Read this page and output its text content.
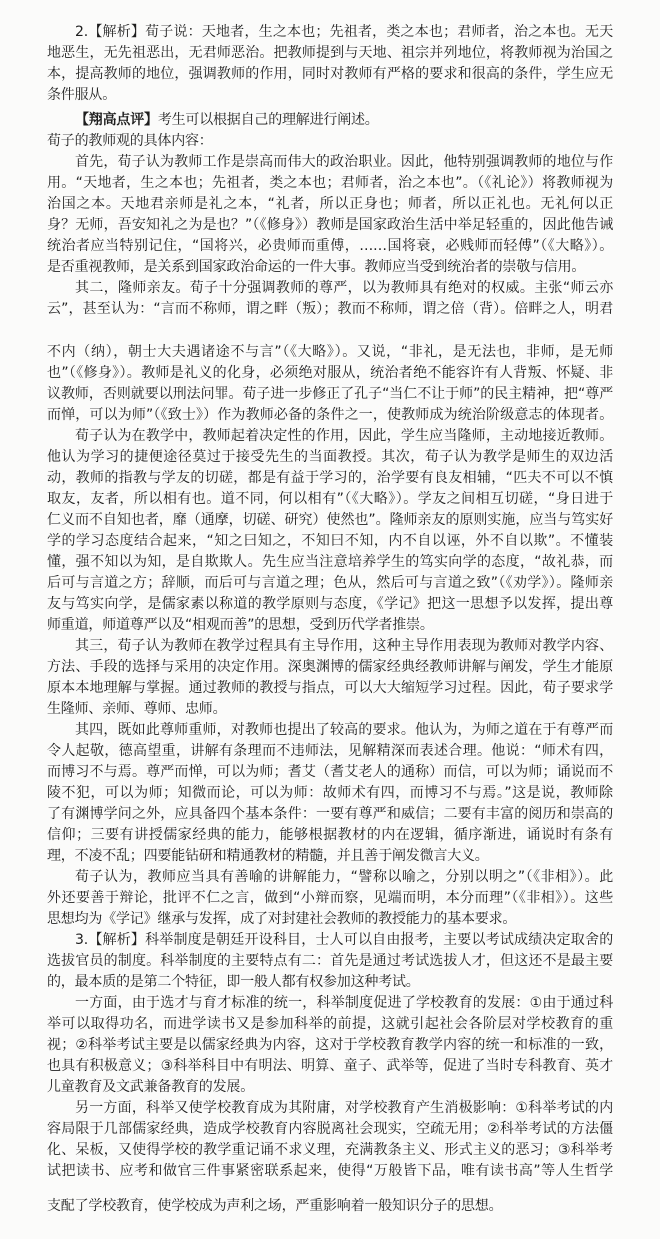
2.【解析】荀子说：天地者，生之本也；先祖者，类之本也；君师者，治之本也。无天
地恶生，无先祖恶出，无君师恶治。把教师提到与天地、祖宗并列地位，将教师视为治国之
本，提高教师的地位，强调教师的作用，同时对教师有严格的要求和很高的条件，学生应无
条件服从。
【翔高点评】考生可以根据自己的理解进行阐述。
荀子的教师观的具体内容：
首先，荀子认为教师工作是崇高而伟大的政治职业。因此，他特别强调教师的地位与作
用。“天地者，生之本也；先祖者，类之本也；君师者，治之本也”。（《礼论》）将教师视为
治国之本。天地君亲师是礼之本，“礼者，所以正身也；师者，所以正礼也。无礼何以正
身？无师，吾安知礼之为是也？”（《修身》）教师是国家政治生活中举足轻重的，因此他告诫
统治者应当特别记住，“国将兴，必贵师而重傅，……国将衰，必贱师而轻傅”（《大略》）。
是否重视教师，是关系到国家政治命运的一件大事。教师应当受到统治者的崇敬与信用。
其二，隆师亲友。荀子十分强调教师的尊严，以为教师具有绝对的权威。主张“师云亦
云”，甚至认为：“言而不称师，谓之畔（叛）；教而不称师，谓之倍（背）。倍畔之人，明君
不内（纳），朝士大夫遇诸途不与言”（《大略》）。又说，“非礼，是无法也，非师，是无师
也”（《修身》）。教师是礼义的化身，必须绝对服从，统治者绝不能容许有人背叛、怀疑、非
议教师，否则就要以刑法问罪。荀子进一步修正了孔子“当仁不让于师”的民主精神，把“尊严
而惮，可以为师”（《致士》）作为教师必备的条件之一，使教师成为统治阶级意志的体现者。
荀子认为在教学中，教师起着决定性的作用，因此，学生应当隆师，主动地接近教师。
他认为学习的捷便途径莫过于接受先生的当面教授。其次，荀子认为教学是师生的双边活
动，教师的指教与学友的切磋，都是有益于学习的，治学要有良友相辅，“匹夫不可以不慎
取友，友者，所以相有也。道不同，何以相有”（《大略》）。学友之间相互切磋，“身日进于
仁义而不自知也者，靡（通摩，切磋、研究）使然也”。隆师亲友的原则实施，应当与笃实好
学的学习态度结合起来，“知之曰知之，不知曰不知，内不自以诬，外不自以欺”。不懂装
懂，强不知以为知，是自欺欺人。先生应当注意培养学生的笃实向学的态度，“故礼恭，而
后可与言道之方；辞顺，而后可与言道之理；色从，然后可与言道之致”（《劝学》）。隆师亲
友与笃实向学，是儒家素以称道的教学原则与态度，《学记》把这一思想予以发挥，提出尊
师重道，师道尊严以及“相观而善”的思想，受到历代学者推崇。
其三，荀子认为教师在教学过程具有主导作用，这种主导作用表现为教师对教学内容、
方法、手段的选择与采用的决定作用。深奥渊博的儒家经典经教师讲解与阐发，学生才能原
原本本地理解与掌握。通过教师的教授与指点，可以大大缩短学习过程。因此，荀子要求学
生隆师、亲师、尊师、忠师。
其四，既如此尊师重师，对教师也提出了较高的要求。他认为，为师之道在于有尊严而
令人起敬，德高望重，讲解有条理而不违师法，见解精深而表述合理。他说：“师术有四，
而博习不与焉。尊严而惮，可以为师；耆艾（耆艾老人的通称）而信，可以为师；诵说而不
陵不犯，可以为师；知微而论，可以为师：故师术有四，而博习不与焉。”这是说，教师除
了有渊博学问之外，应具备四个基本条件：一要有尊严和威信；二要有丰富的阅历和崇高的
信仰；三要有讲授儒家经典的能力，能够根据教材的内在逻辑，循序渐进，诵说时有条有
理，不凌不乱；四要能钻研和精通教材的精髓，并且善于阐发微言大义。
荀子认为，教师应当具有善喻的讲解能力，“譬称以喻之，分别以明之”（《非相》）。此
外还要善于辩论，批评不仁之言，做到“小辩而察，见端而明，本分而理”（《非相》）。这些
思想均为《学记》继承与发挥，成了对封建社会教师的教授能力的基本要求。
3.【解析】科举制度是朝廷开设科目，士人可以自由报考，主要以考试成绩决定取舍的
选拔官员的制度。科举制度的主要特点有二：首先是通过考试选拔人才，但这还不是最主要
的，最本质的是第二个特征，即一般人都有权参加这种考试。
一方面，由于选才与育才标准的统一，科举制度促进了学校教育的发展：①由于通过科
举可以取得功名，而进学读书又是参加科举的前提，这就引起社会各阶层对学校教育的重
视；②科举考试主要是以儒家经典为内容，这对于学校教育教学内容的统一和标准的一致，
也具有积极意义；③科举科目中有明法、明算、童子、武举等，促进了当时专科教育、英才
儿童教育及文武兼备教育的发展。
另一方面，科举又使学校教育成为其附庸，对学校教育产生消极影响：①科举考试的内
容局限于几部儒家经典，造成学校教育内容脱离社会现实，空疏无用；②科举考试的方法僵
化、呆板，又使得学校的教学重记诵不求义理，充满教条主义、形式主义的恶习；③科举考
试把读书、应考和做官三件事紧密联系起来，使得“万般皆下品，唯有读书高”等人生哲学
支配了学校教育，使学校成为声利之场，严重影响着一般知识分子的思想。
